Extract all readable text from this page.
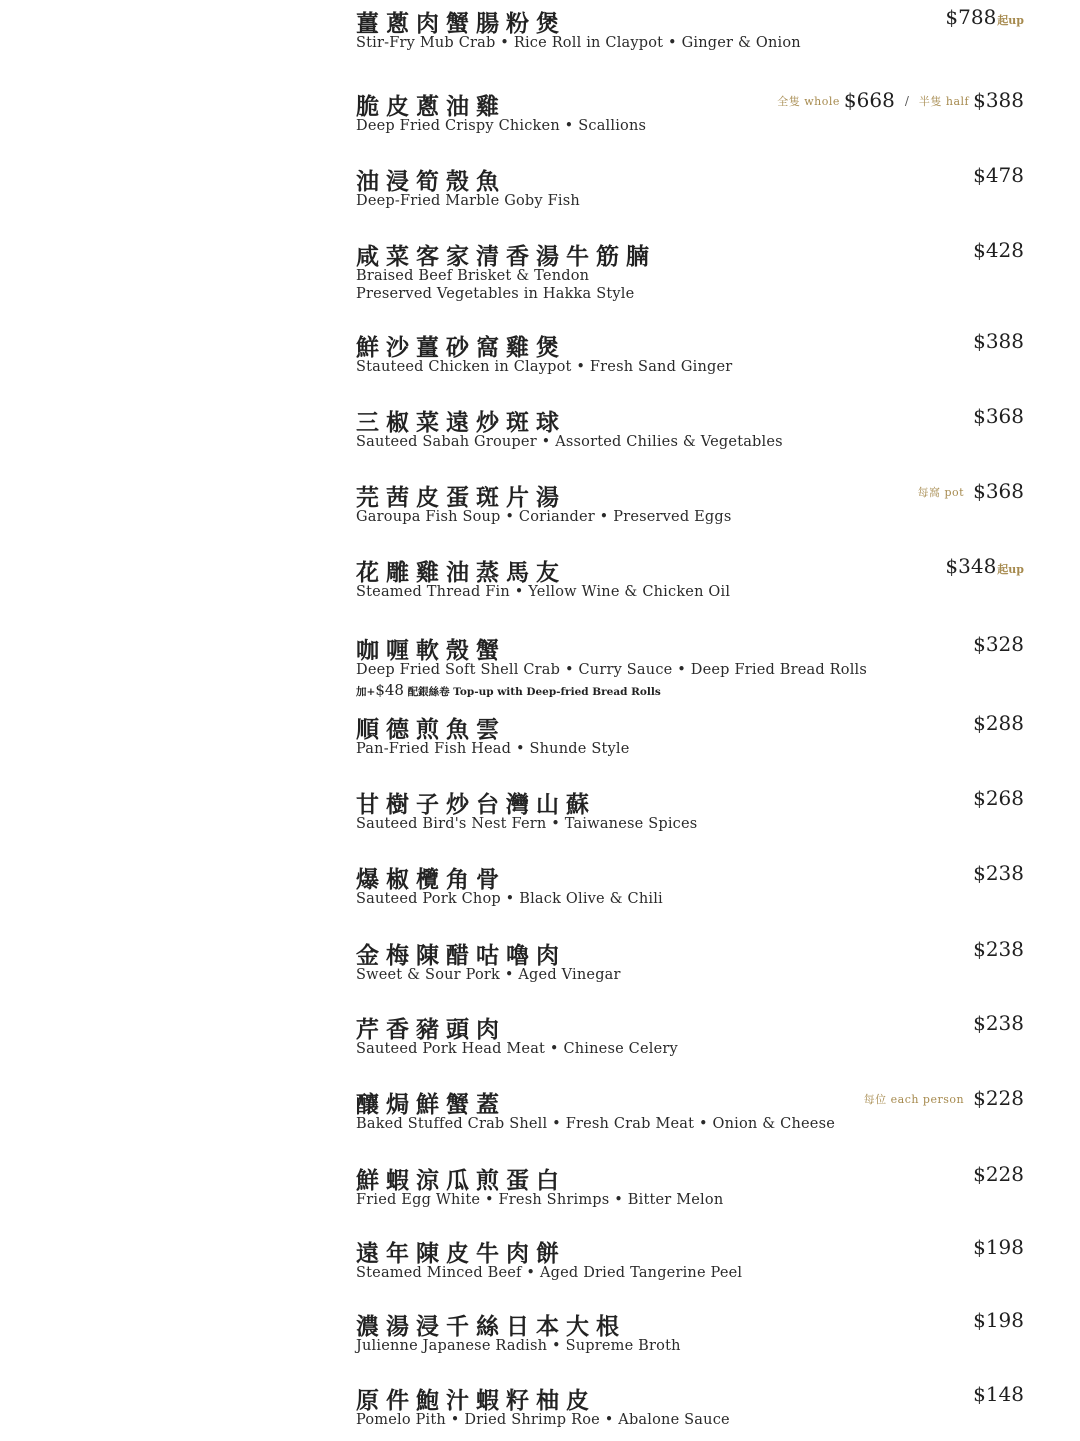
薑蔥肉蟹腸粉煲
Stir-Fry Mub Crab • Rice Roll in Claypot • Ginger & Onion
$788起up
脆皮蔥油雞
Deep Fried Crispy Chicken • Scallions
全隻 whole $668 / 半隻 half $388
油浸筍殼魚
Deep-Fried Marble Goby Fish
$478
咸菜客家清香湯牛筋腩
Braised Beef Brisket & Tendon
Preserved Vegetables in Hakka Style
$428
鮮沙薑砂窩雞煲
Stauteed Chicken in Claypot • Fresh Sand Ginger
$388
三椒菜遠炒斑球
Sauteed Sabah Grouper • Assorted Chilies & Vegetables
$368
芫茜皮蛋斑片湯
Garoupa Fish Soup • Coriander • Preserved Eggs
每窩 pot $368
花雕雞油蒸馬友
Steamed Thread Fin • Yellow Wine & Chicken Oil
$348起up
咖喱軟殼蟹
Deep Fried Soft Shell Crab • Curry Sauce • Deep Fried Bread Rolls
加+$48 配銀絲卷 Top-up with Deep-fried Bread Rolls
$328
順德煎魚雲
Pan-Fried Fish Head • Shunde Style
$288
甘樹子炒台灣山蘇
Sauteed Bird's Nest Fern • Taiwanese Spices
$268
爆椒欖角骨
Sauteed Pork Chop • Black Olive & Chili
$238
金梅陳醋咕嚕肉
Sweet & Sour Pork • Aged Vinegar
$238
芹香豬頭肉
Sauteed Pork Head Meat • Chinese Celery
$238
釀焗鮮蟹蓋
Baked Stuffed Crab Shell • Fresh Crab Meat • Onion & Cheese
每位 each person $228
鮮蝦涼瓜煎蛋白
Fried Egg White • Fresh Shrimps • Bitter Melon
$228
遠年陳皮牛肉餅
Steamed Minced Beef • Aged Dried Tangerine Peel
$198
濃湯浸千絲日本大根
Julienne Japanese Radish • Supreme Broth
$198
原件鮑汁蝦籽柚皮
Pomelo Pith • Dried Shrimp Roe • Abalone Sauce
$148
